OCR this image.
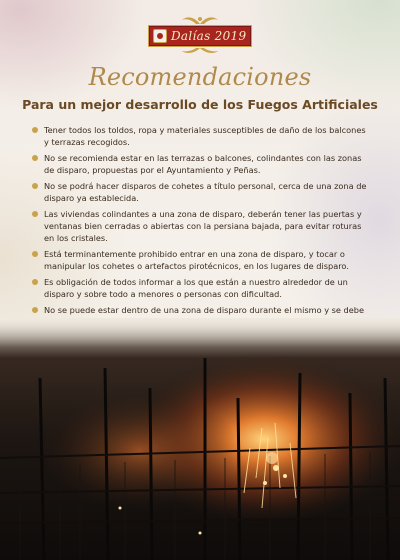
Dalías 2019
Recomendaciones
Para un mejor desarrollo de los Fuegos Artificiales
Tener todos los toldos, ropa y materiales susceptibles de daño de los balcones y terrazas recogidos.
No se recomienda estar en las terrazas o balcones, colindantes con las zonas de disparo, propuestas por el Ayuntamiento y Peñas.
No se podrá hacer disparos de cohetes a título personal, cerca de una zona de disparo ya establecida.
Las viviendas colindantes a una zona de disparo, deberán tener las puertas y ventanas bien cerradas o abiertas con la persiana bajada, para evitar roturas en los cristales.
Está terminantemente prohibido entrar en una zona de disparo, y tocar o manipular los cohetes o artefactos pirotécnicos, en los lugares de disparo.
Es obligación de todos informar a los que están a nuestro alrededor de un disparo y sobre todo a menores o personas con dificultad.
No se puede estar dentro de una zona de disparo durante el mismo y se debe
